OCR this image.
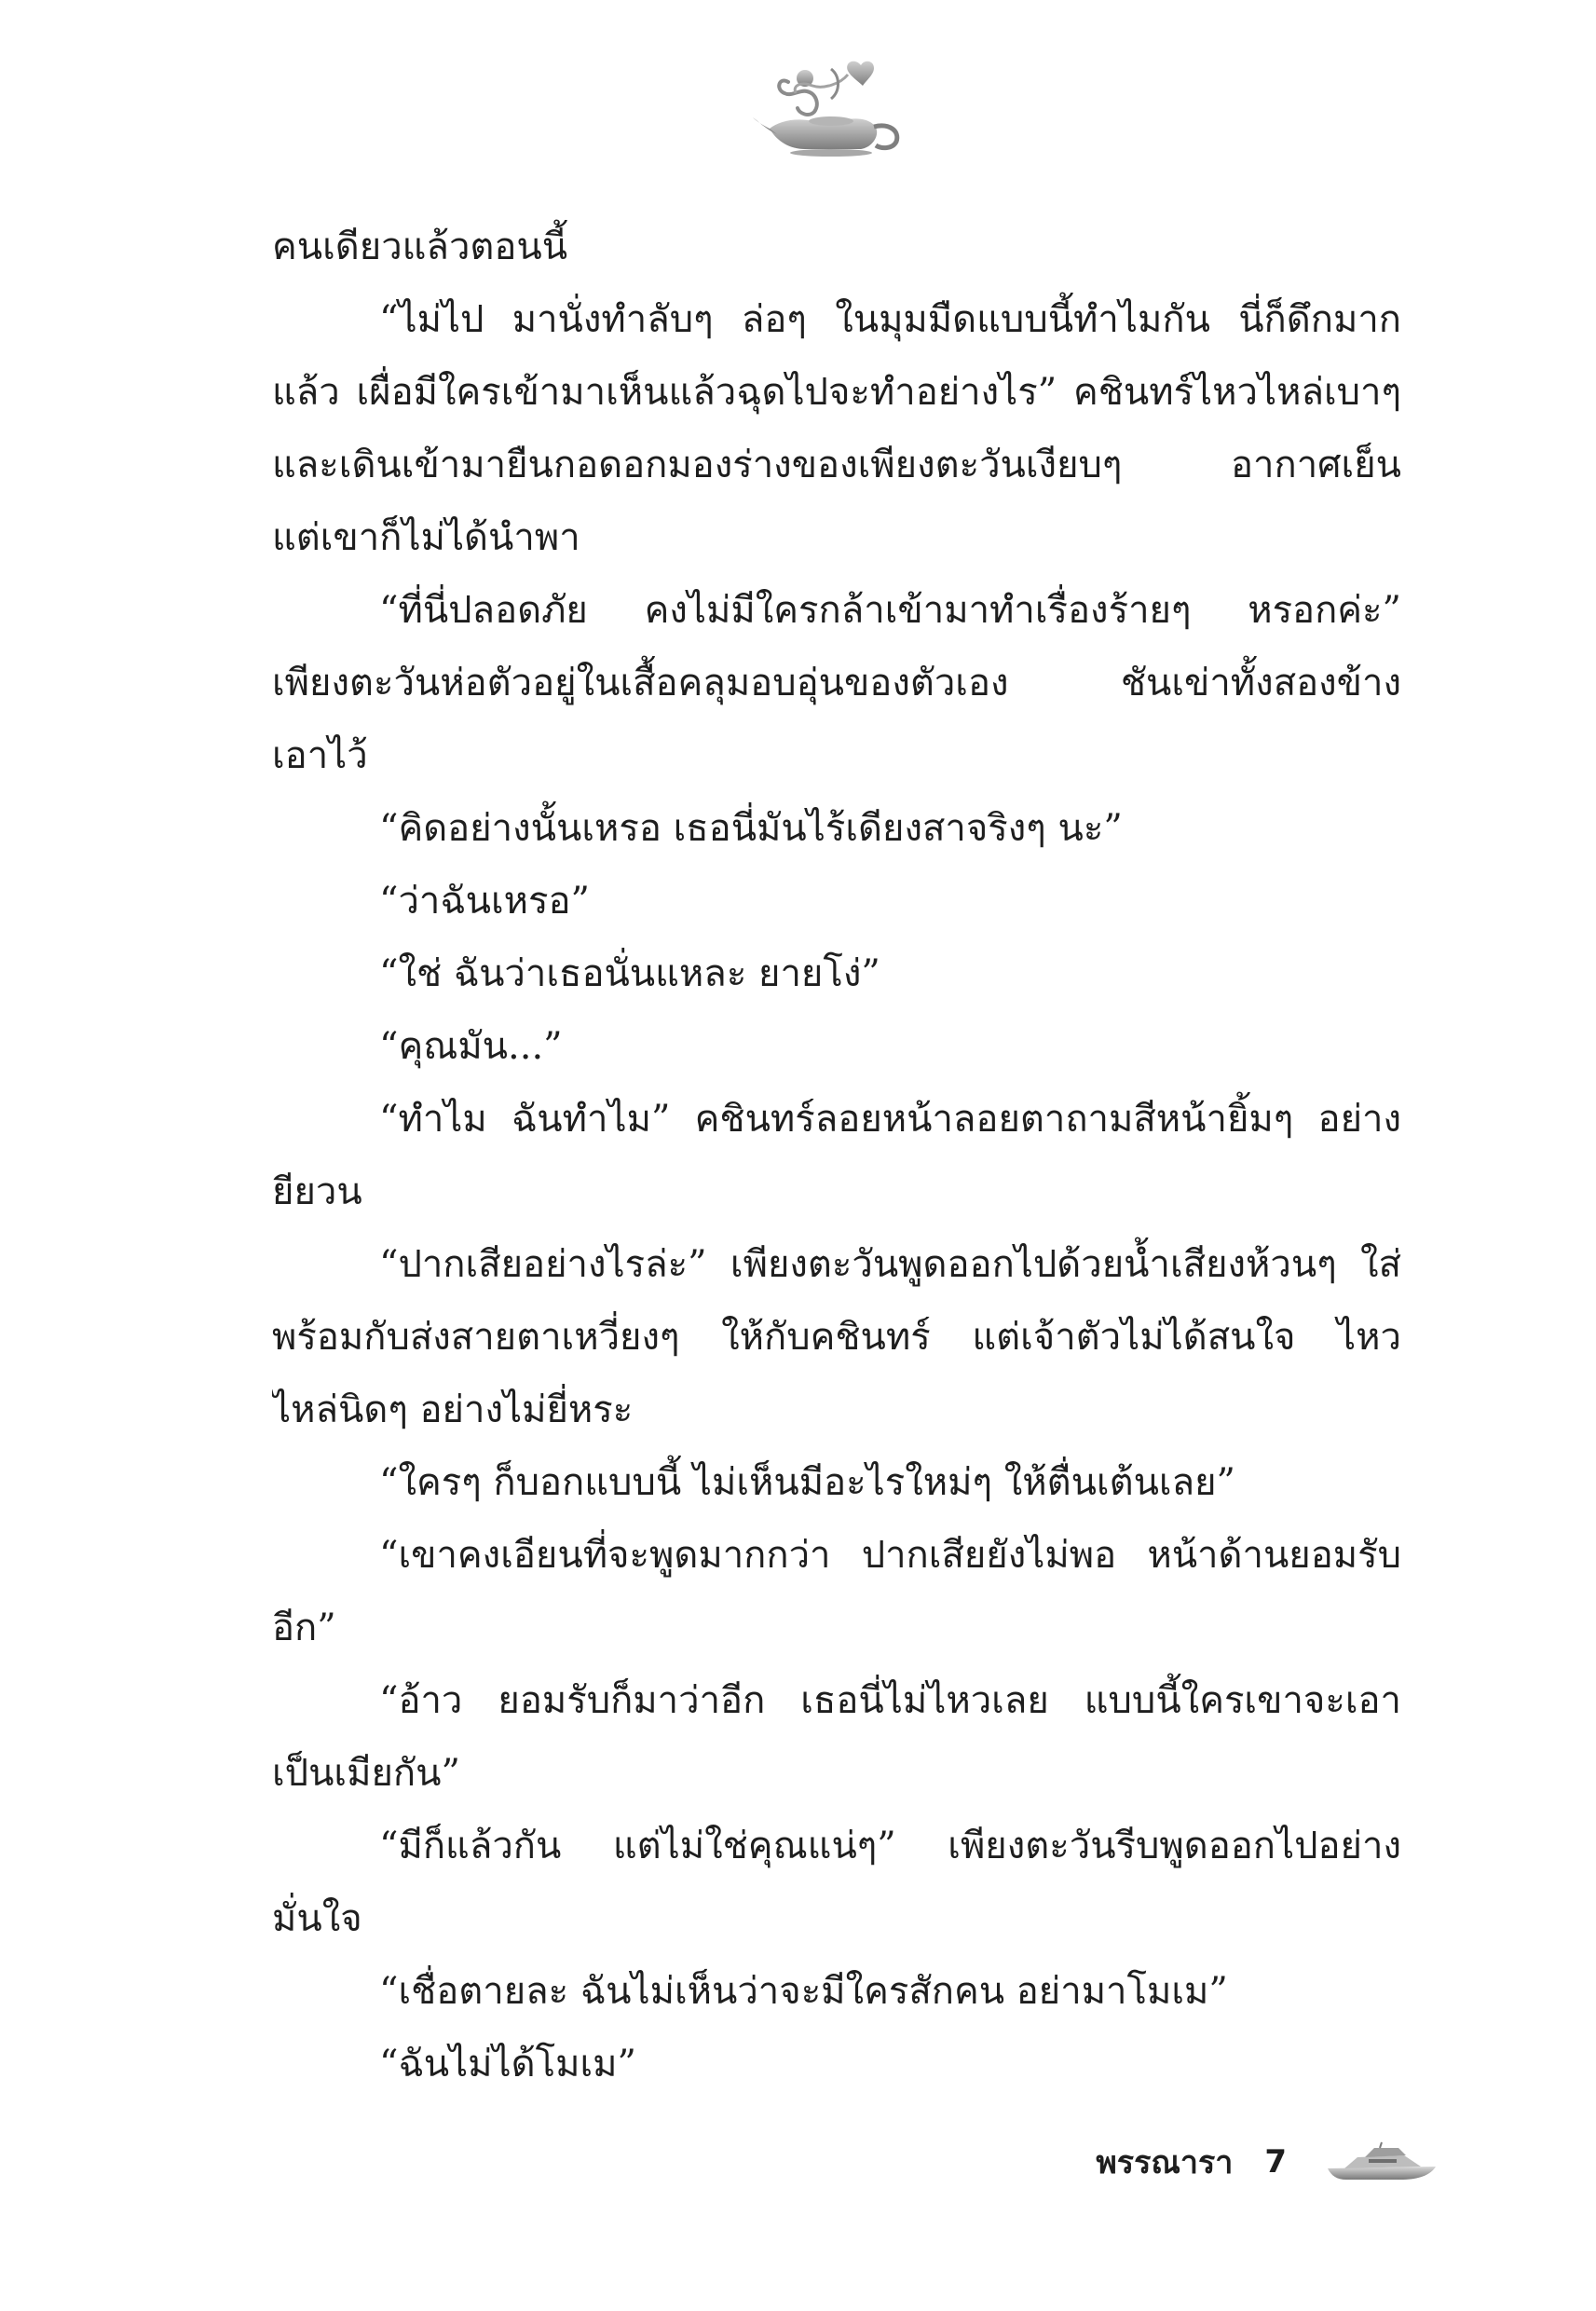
คนเดียวแล้วตอนนี้
“ไม่ไป มานั่งทำลับๆ ล่อๆ ในมุมมืดแบบนี้ทำไมกัน นี่ก็ดึกมาก
แล้ว เผื่อมีใครเข้ามาเห็นแล้วฉุดไปจะทำอย่างไร” คชินทร์ไหวไหล่เบาๆ
และเดินเข้ามายืนกอดอกมองร่างของเพียงตะวันเงียบๆ อากาศเย็น
แต่เขาก็ไม่ได้นำพา
“ที่นี่ปลอดภัย คงไม่มีใครกล้าเข้ามาทำเรื่องร้ายๆ หรอกค่ะ”
เพียงตะวันห่อตัวอยู่ในเสื้อคลุมอบอุ่นของตัวเอง ชันเข่าทั้งสองข้าง
เอาไว้
“คิดอย่างนั้นเหรอ เธอนี่มันไร้เดียงสาจริงๆ นะ”
“ว่าฉันเหรอ”
“ใช่ ฉันว่าเธอนั่นแหละ ยายโง่”
“คุณมัน...”
“ทำไม ฉันทำไม” คชินทร์ลอยหน้าลอยตาถามสีหน้ายิ้มๆ อย่าง
ยียวน
“ปากเสียอย่างไรล่ะ” เพียงตะวันพูดออกไปด้วยน้ำเสียงห้วนๆ ใส่
พร้อมกับส่งสายตาเหวี่ยงๆ ให้กับคชินทร์ แต่เจ้าตัวไม่ได้สนใจ ไหว
ไหล่นิดๆ อย่างไม่ยี่หระ
“ใครๆ ก็บอกแบบนี้ ไม่เห็นมีอะไรใหม่ๆ ให้ตื่นเต้นเลย”
“เขาคงเอียนที่จะพูดมากกว่า ปากเสียยังไม่พอ หน้าด้านยอมรับ
อีก”
“อ้าว ยอมรับก็มาว่าอีก เธอนี่ไม่ไหวเลย แบบนี้ใครเขาจะเอา
เป็นเมียกัน”
“มีก็แล้วกัน แต่ไม่ใช่คุณแน่ๆ” เพียงตะวันรีบพูดออกไปอย่าง
มั่นใจ
“เชื่อตายละ ฉันไม่เห็นว่าจะมีใครสักคน อย่ามาโมเม”
“ฉันไม่ได้โมเม”
พรรณารา 7
